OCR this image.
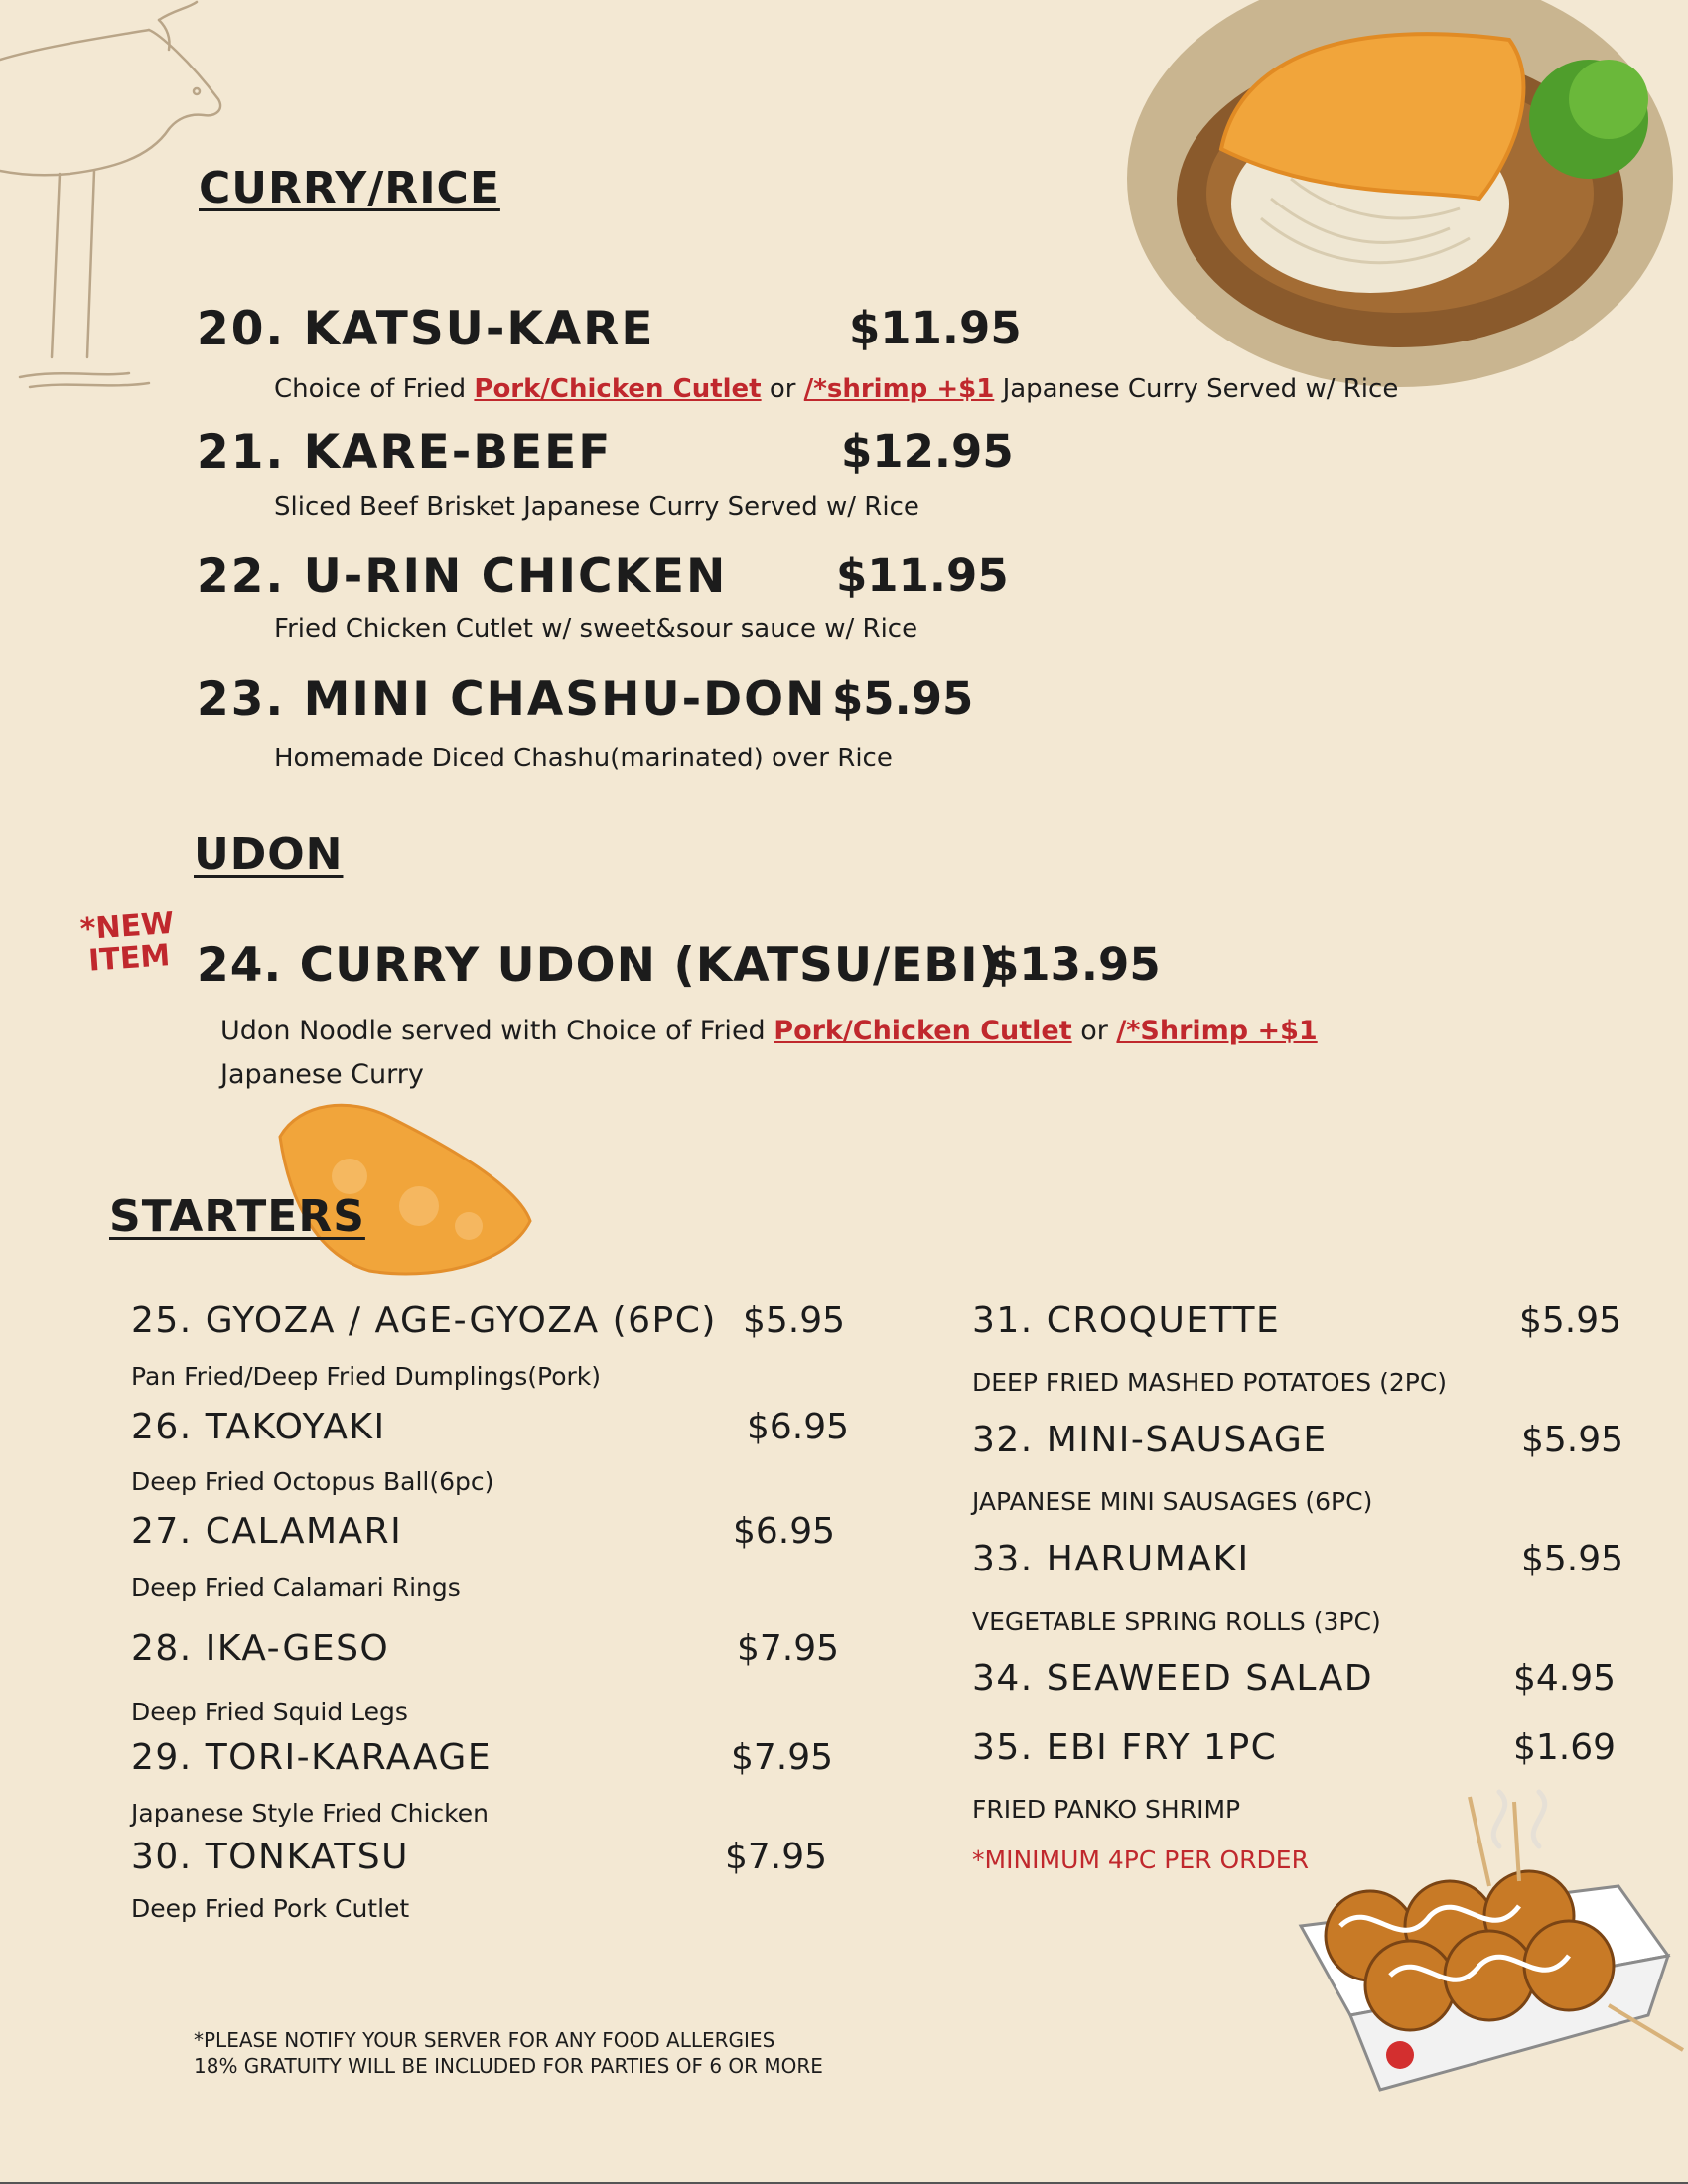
CURRY/RICE
20. KATSU-KARE	$11.95
Choice of Fried Pork/Chicken Cutlet or /*shrimp +$1 Japanese Curry Served w/ Rice
21. KARE-BEEF	$12.95
Sliced Beef Brisket Japanese Curry Served w/ Rice
22. U-RIN CHICKEN $11.95
Fried Chicken Cutlet w/ sweet&sour sauce w/ Rice
23. MINI CHASHU-DON $5.95
Homemade Diced Chashu(marinated) over Rice
UDON
*NEW
ITEM 24. CURRY UDON (KATSU/EBI)
$13.95
Udon Noodle served with Choice of Fried Pork/Chicken Cutlet or /*Shrimp +$1 Japanese Curry
STARTERS
25. GYOZA / AGE-GYOZA (6PC) $5.95
Pan Fried/Deep Fried Dumplings(Pork)
26. TAKOYAKI	$6.95
Deep Fried Octopus Ball(6pc)
27. CALAMARI	$6.95
Deep Fried Calamari Rings
28. IKA-GESO	$7.95
Deep Fried Squid Legs
29. TORI-KARAAGE	$7.95
Japanese Style Fried Chicken
30. TONKATSU	$7.95
Deep Fried Pork Cutlet
31. CROQUETTE	$5.95
DEEP FRIED MASHED POTATOES (2PC)
32. MINI-SAUSAGE	$5.95
JAPANESE MINI SAUSAGES (6PC)
33. HARUMAKI	$5.95
VEGETABLE SPRING ROLLS (3PC)
34. SEAWEED SALAD	$4.95
35. EBI FRY 1PC	$1.69
FRIED PANKO SHRIMP
*MINIMUM 4PC PER ORDER
*PLEASE NOTIFY YOUR SERVER FOR ANY FOOD ALLERGIES
18% GRATUITY WILL BE INCLUDED FOR PARTIES OF 6 OR MORE
